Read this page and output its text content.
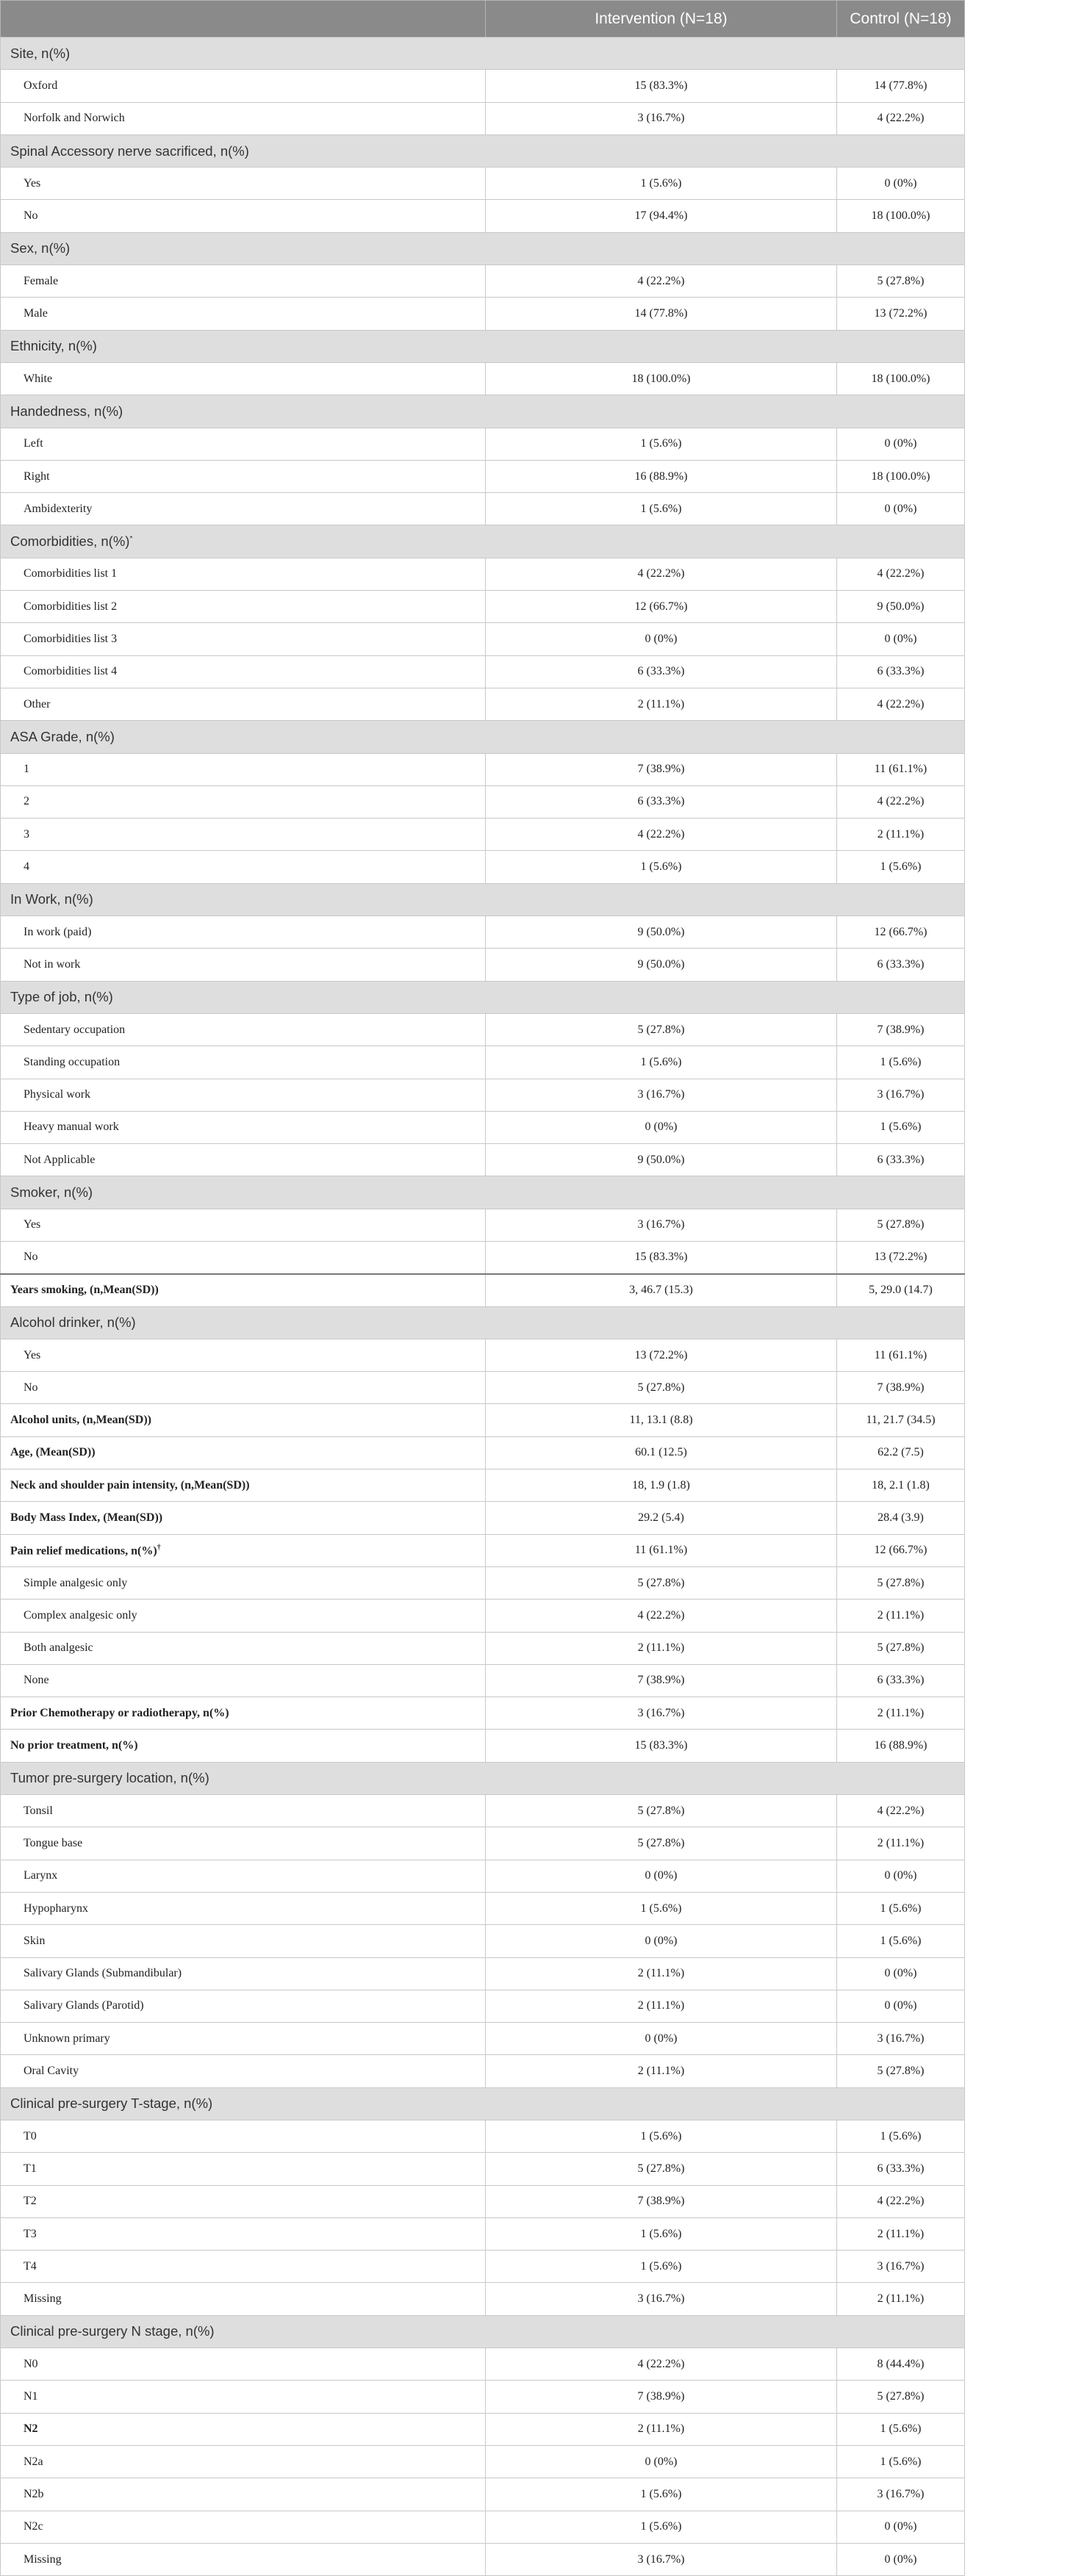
	Intervention (N=18)	Control (N=18)
Site, n(%)		
Oxford	15 (83.3%)	14 (77.8%)
Norfolk and Norwich	3 (16.7%)	4 (22.2%)
Spinal Accessory nerve sacrificed, n(%)		
Yes	1 (5.6%)	0 (0%)
No	17 (94.4%)	18 (100.0%)
Sex, n(%)		
Female	4 (22.2%)	5 (27.8%)
Male	14 (77.8%)	13 (72.2%)
Ethnicity, n(%)		
White	18 (100.0%)	18 (100.0%)
Handedness, n(%)		
Left	1 (5.6%)	0 (0%)
Right	16 (88.9%)	18 (100.0%)
Ambidexterity	1 (5.6%)	0 (0%)
Comorbidities, n(%)*
Comorbidities list 1	4 (22.2%)	4 (22.2%)
Comorbidities list 2	12 (66.7%)	9 (50.0%)
Comorbidities list 3	0 (0%)	0 (0%)
Comorbidities list 4	6 (33.3%)	6 (33.3%)
Other	2 (11.1%)	4 (22.2%)
ASA Grade, n(%)		
1	7 (38.9%)	11 (61.1%)
2	6 (33.3%)	4 (22.2%)
3	4 (22.2%)	2 (11.1%)
4	1 (5.6%)	1 (5.6%)
In Work, n(%)		
In work (paid)	9 (50.0%)	12 (66.7%)
Not in work	9 (50.0%)	6 (33.3%)
Type of job, n(%)		
Sedentary occupation	5 (27.8%)	7 (38.9%)
Standing occupation	1 (5.6%)	1 (5.6%)
Physical work	3 (16.7%)	3 (16.7%)
Heavy manual work	0 (0%)	1 (5.6%)
Not Applicable	9 (50.0%)	6 (33.3%)
Smoker, n(%)		
Yes	3 (16.7%)	5 (27.8%)
No	15 (83.3%)	13 (72.2%)
Years smoking, (n,Mean(SD))	3, 46.7 (15.3)	5, 29.0 (14.7)
Alcohol drinker, n(%)		
Yes	13 (72.2%)	11 (61.1%)
No	5 (27.8%)	7 (38.9%)
Alcohol units, (n,Mean(SD))	11, 13.1 (8.8)	11, 21.7 (34.5)
Age, (Mean(SD))	60.1 (12.5)	62.2 (7.5)
Neck and shoulder pain intensity, (n,Mean(SD))	18, 1.9 (1.8)	18, 2.1 (1.8)
Body Mass Index, (Mean(SD))	29.2 (5.4)	28.4 (3.9)
Pain relief medications, n(%)†	11 (61.1%)	12 (66.7%)
Simple analgesic only	5 (27.8%)	5 (27.8%)
Complex analgesic only	4 (22.2%)	2 (11.1%)
Both analgesic	2 (11.1%)	5 (27.8%)
None	7 (38.9%)	6 (33.3%)
Prior Chemotherapy or radiotherapy, n(%)	3 (16.7%)	2 (11.1%)
No prior treatment, n(%)	15 (83.3%)	16 (88.9%)
Tumor pre-surgery location, n(%)		
Tonsil	5 (27.8%)	4 (22.2%)
Tongue base	5 (27.8%)	2 (11.1%)
Larynx	0 (0%)	0 (0%)
Hypopharynx	1 (5.6%)	1 (5.6%)
Skin	0 (0%)	1 (5.6%)
Salivary Glands (Submandibular)	2 (11.1%)	0 (0%)
Salivary Glands (Parotid)	2 (11.1%)	0 (0%)
Unknown primary	0 (0%)	3 (16.7%)
Oral Cavity	2 (11.1%)	5 (27.8%)
Clinical pre-surgery T-stage, n(%)		
T0	1 (5.6%)	1 (5.6%)
T1	5 (27.8%)	6 (33.3%)
T2	7 (38.9%)	4 (22.2%)
T3	1 (5.6%)	2 (11.1%)
T4	1 (5.6%)	3 (16.7%)
Missing	3 (16.7%)	2 (11.1%)
Clinical pre-surgery N stage, n(%)		
N0	4 (22.2%)	8 (44.4%)
N1	7 (38.9%)	5 (27.8%)
N2	2 (11.1%)	1 (5.6%)
N2a	0 (0%)	1 (5.6%)
N2b	1 (5.6%)	3 (16.7%)
N2c	1 (5.6%)	0 (0%)
Missing	3 (16.7%)	0 (0%)
